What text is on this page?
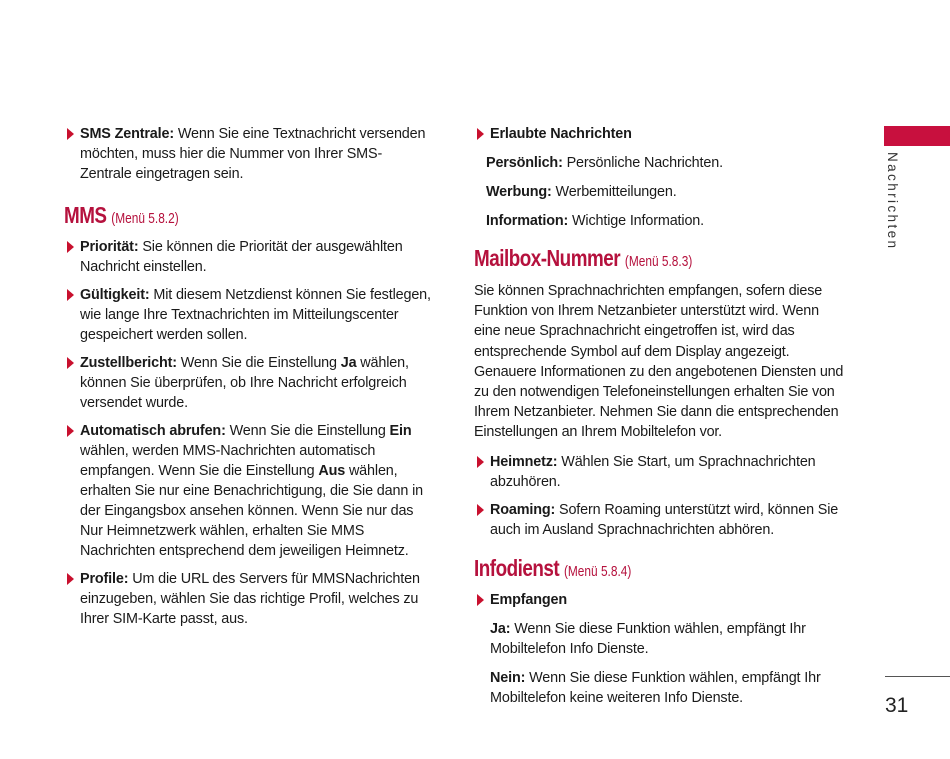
SMS Zentrale: Wenn Sie eine Textnachricht versenden möchten, muss hier die Nummer von Ihrer SMS- Zentrale eingetragen sein.
MMS (Menü 5.8.2)
Priorität: Sie können die Priorität der ausgewählten Nachricht einstellen.
Gültigkeit: Mit diesem Netzdienst können Sie festlegen, wie lange Ihre Textnachrichten im Mitteilungscenter gespeichert werden sollen.
Zustellbericht: Wenn Sie die Einstellung Ja wählen, können Sie überprüfen, ob Ihre Nachricht erfolgreich versendet wurde.
Automatisch abrufen: Wenn Sie die Einstellung Ein wählen, werden MMS-Nachrichten automatisch empfangen. Wenn Sie die Einstellung Aus wählen, erhalten Sie nur eine Benachrichtigung, die Sie dann in der Eingangsbox ansehen können. Wenn Sie nur das Nur Heimnetzwerk wählen, erhalten Sie MMS Nachrichten entsprechend dem jeweiligen Heimnetz.
Profile: Um die URL des Servers für MMSNachrichten einzugeben, wählen Sie das richtige Profil, welches zu Ihrer SIM-Karte passt, aus.
Erlaubte Nachrichten
Persönlich: Persönliche Nachrichten.
Werbung: Werbemitteilungen.
Information: Wichtige Information.
Mailbox-Nummer (Menü 5.8.3)
Sie können Sprachnachrichten empfangen, sofern diese Funktion von Ihrem Netzanbieter unterstützt wird. Wenn eine neue Sprachnachricht eingetroffen ist, wird das entsprechende Symbol auf dem Display angezeigt. Genauere Informationen zu den angebotenen Diensten und zu den notwendigen Telefoneinstellungen erhalten Sie von Ihrem Netzanbieter. Nehmen Sie dann die entsprechenden Einstellungen an Ihrem Mobiltelefon vor.
Heimnetz: Wählen Sie Start, um Sprachnachrichten abzuhören.
Roaming: Sofern Roaming unterstützt wird, können Sie auch im Ausland Sprachnachrichten abhören.
Infodienst (Menü 5.8.4)
Empfangen
Ja: Wenn Sie diese Funktion wählen, empfängt Ihr Mobiltelefon Info Dienste.
Nein: Wenn Sie diese Funktion wählen, empfängt Ihr Mobiltelefon keine weiteren Info Dienste.
Nachrichten
31
